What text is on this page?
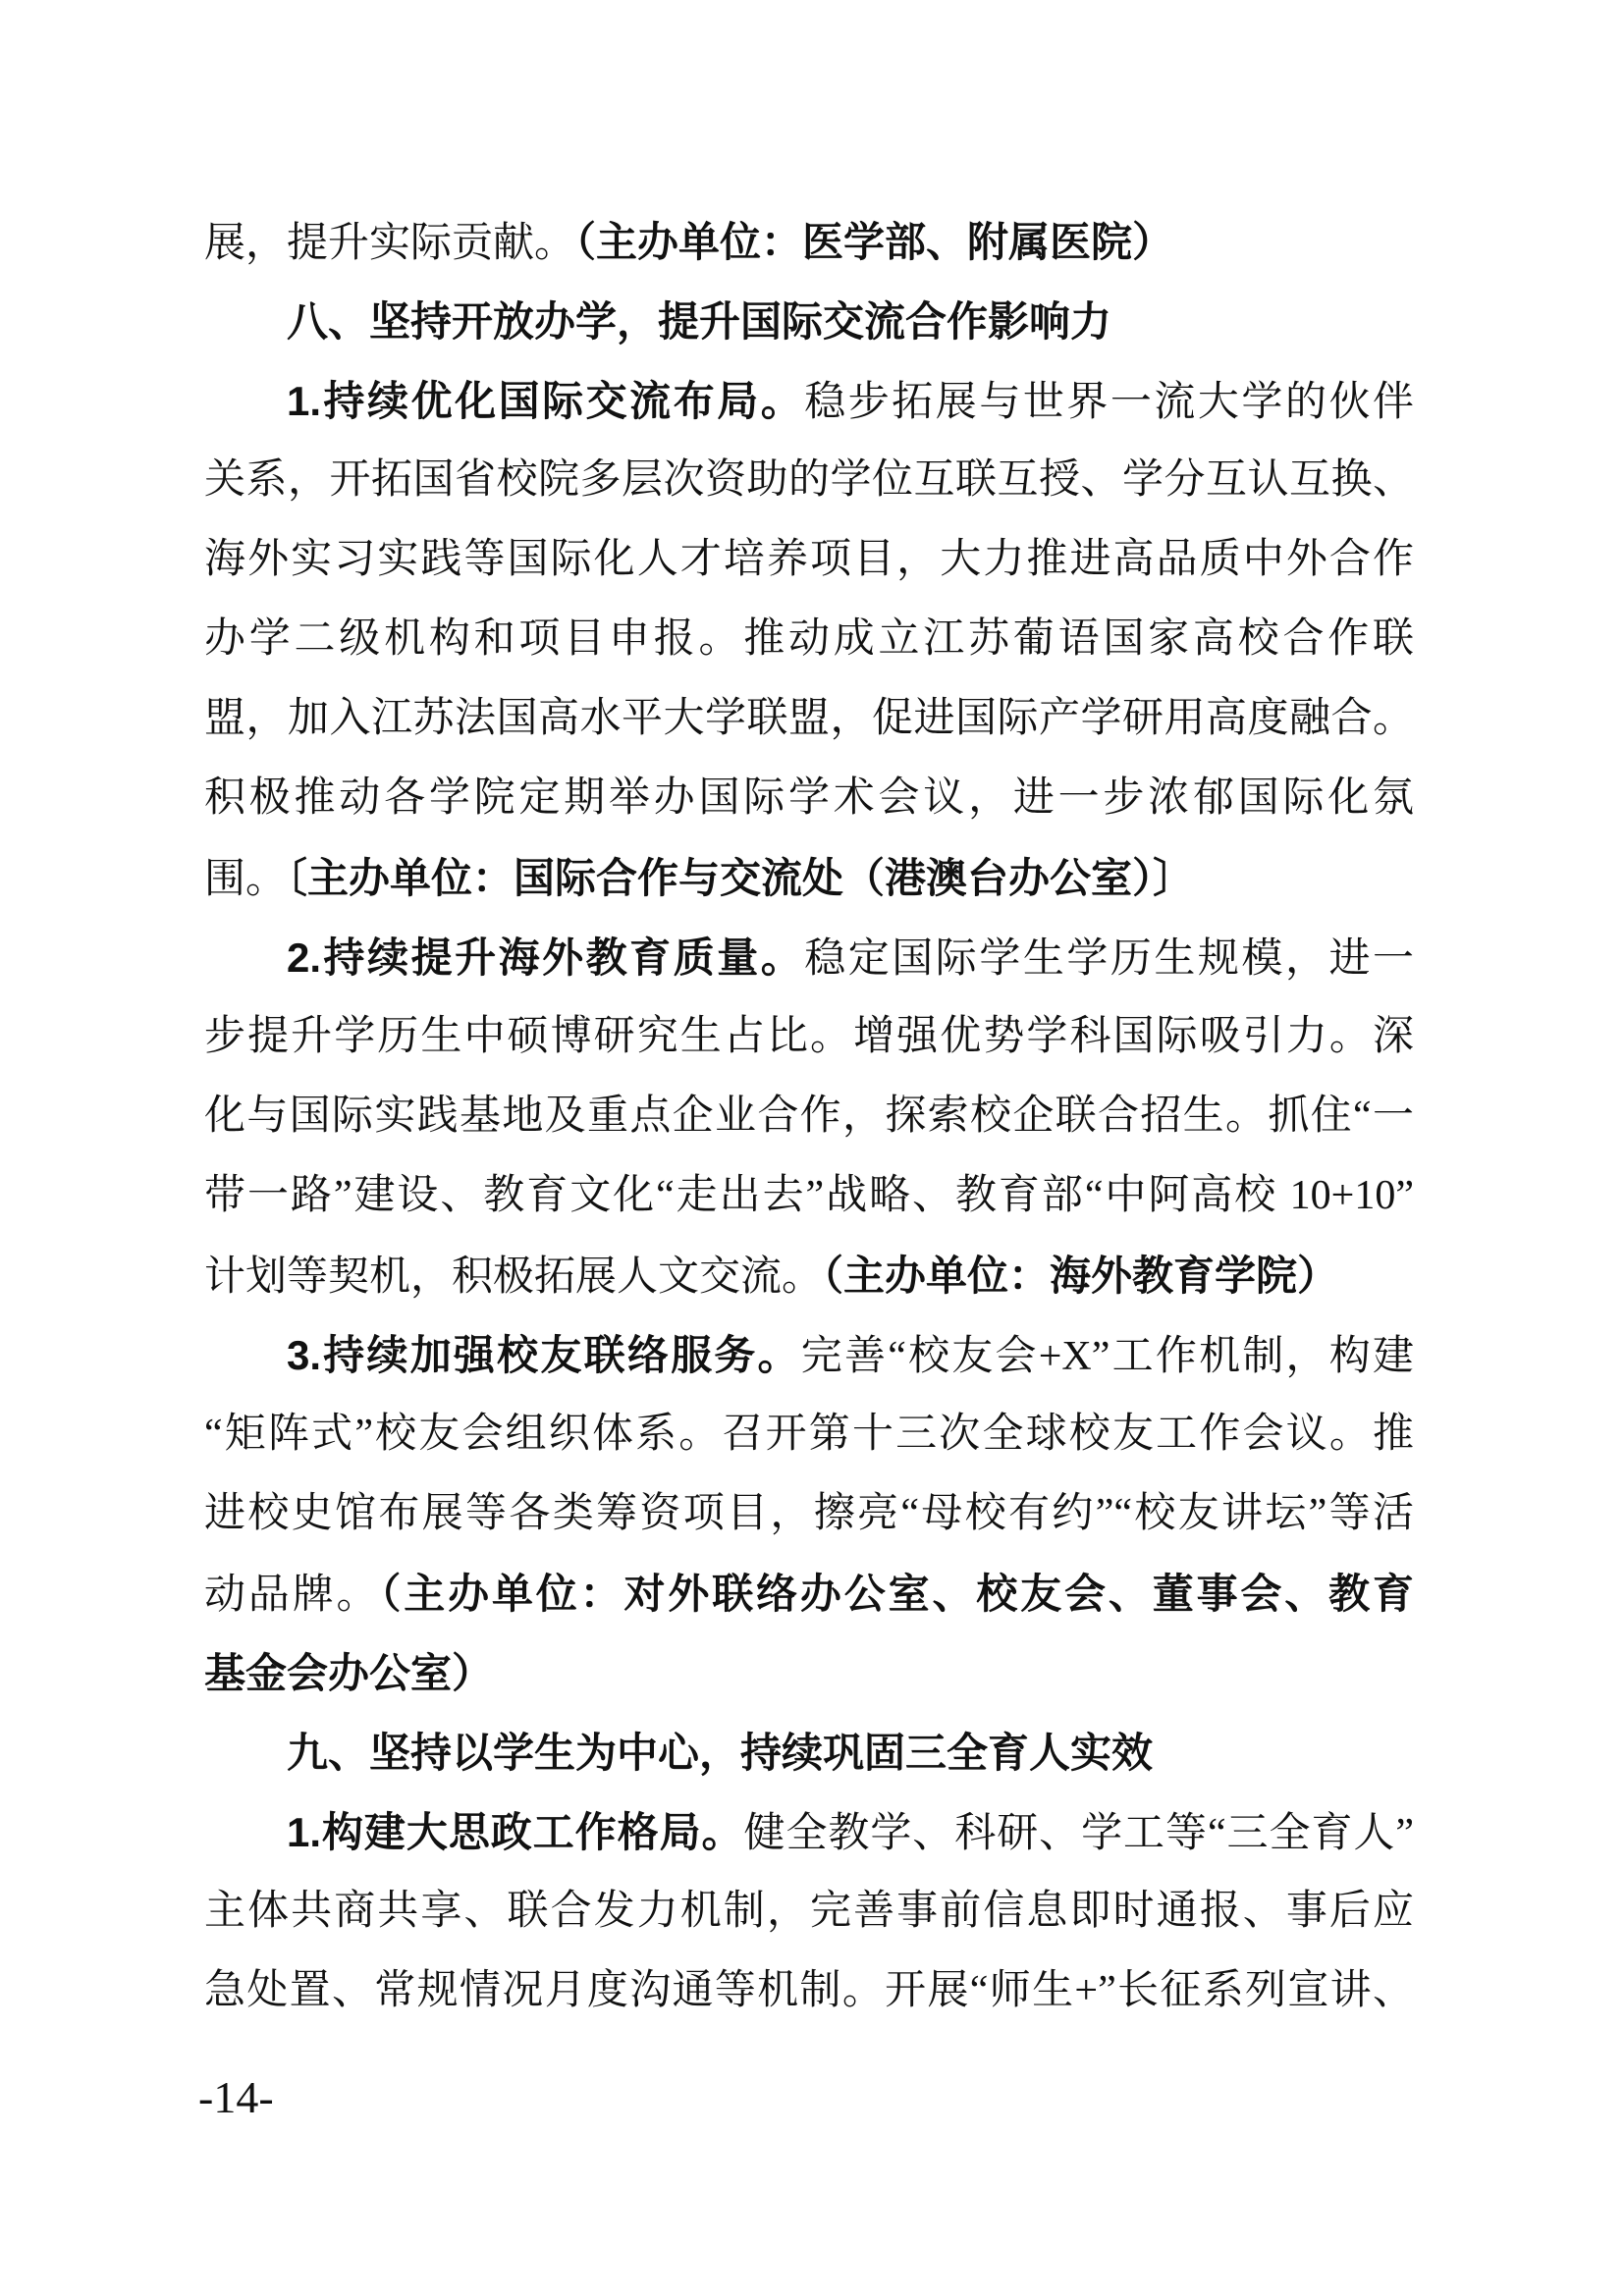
展，提升实际贡献。（主办单位：医学部、附属医院）
八、坚持开放办学，提升国际交流合作影响力
1.持续优化国际交流布局。稳步拓展与世界一流大学的伙伴
关系，开拓国省校院多层次资助的学位互联互授、学分互认互换、
海外实习实践等国际化人才培养项目，大力推进高品质中外合作
办学二级机构和项目申报。推动成立江苏葡语国家高校合作联
盟，加入江苏法国高水平大学联盟，促进国际产学研用高度融合。
积极推动各学院定期举办国际学术会议，进一步浓郁国际化氛
围。〔主办单位：国际合作与交流处（港澳台办公室）〕
2.持续提升海外教育质量。稳定国际学生学历生规模，进一
步提升学历生中硕博研究生占比。增强优势学科国际吸引力。深
化与国际实践基地及重点企业合作，探索校企联合招生。抓住“一
带一路”建设、教育文化“走出去”战略、教育部“中阿高校 10+10”
计划等契机，积极拓展人文交流。（主办单位：海外教育学院）
3.持续加强校友联络服务。完善“校友会+X”工作机制，构建
“矩阵式”校友会组织体系。召开第十三次全球校友工作会议。推
进校史馆布展等各类筹资项目，擦亮“母校有约”“校友讲坛”等活
动品牌。（主办单位：对外联络办公室、校友会、董事会、教育
基金会办公室）
九、坚持以学生为中心，持续巩固三全育人实效
1.构建大思政工作格局。健全教学、科研、学工等“三全育人”
主体共商共享、联合发力机制，完善事前信息即时通报、事后应
急处置、常规情况月度沟通等机制。开展“师生+”长征系列宣讲、
-14-
